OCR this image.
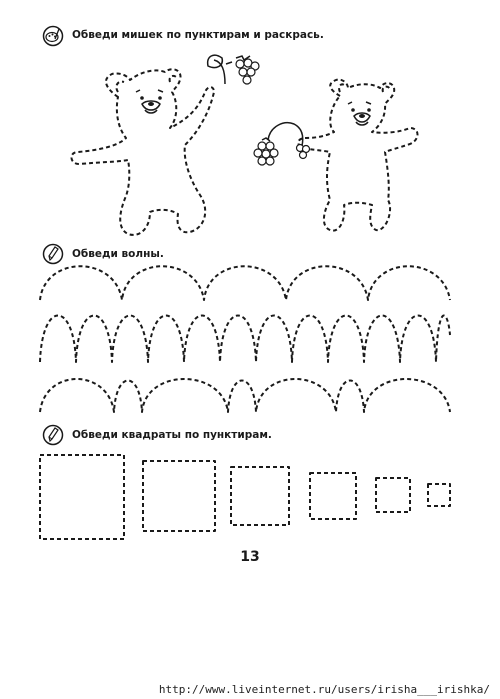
Обведи мишек по пунктирам и раскрась.
Обведи волны.
Обведи квадраты по пунктирам.
13
http://www.liveinternet.ru/users/irisha___irishka/
